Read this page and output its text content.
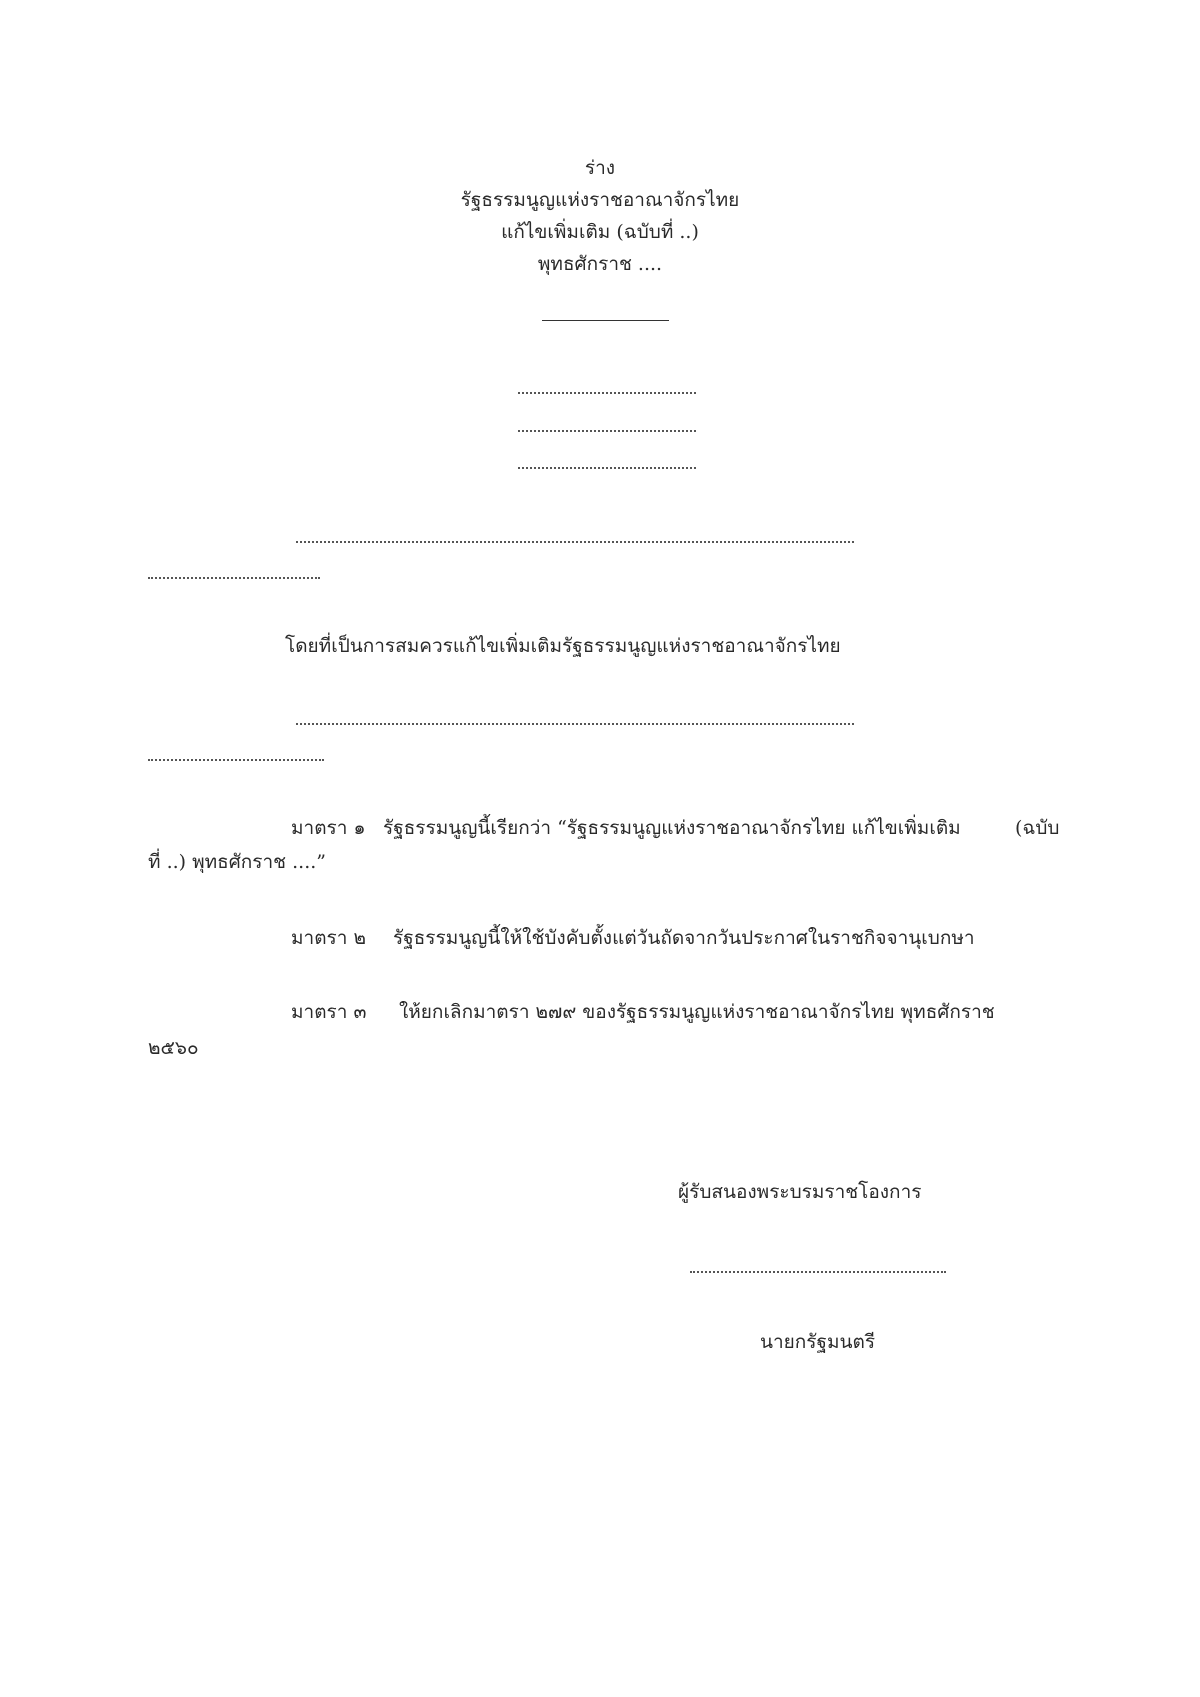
ร่าง
รัฐธรรมนูญแห่งราชอาณาจักรไทย
แก้ไขเพิ่มเติม (ฉบับที่ ..)
พุทธศักราช ....
โดยที่เป็นการสมควรแก้ไขเพิ่มเติมรัฐธรรมนูญแห่งราชอาณาจักรไทย
มาตรา ๑ รัฐธรรมนูญนี้เรียกว่า “รัฐธรรมนูญแห่งราชอาณาจักรไทย แก้ไขเพิ่มเติม	(ฉบับ
ที่ ..) พุทธศักราช ....”
มาตรา ๒ รัฐธรรมนูญนี้ให้ใช้บังคับตั้งแต่วันถัดจากวันประกาศในราชกิจจานุเบกษา
มาตรา ๓ ให้ยกเลิกมาตรา ๒๗๙ ของรัฐธรรมนูญแห่งราชอาณาจักรไทย พุทธศักราช
๒๕๖๐
ผู้รับสนองพระบรมราชโองการ
นายกรัฐมนตรี
